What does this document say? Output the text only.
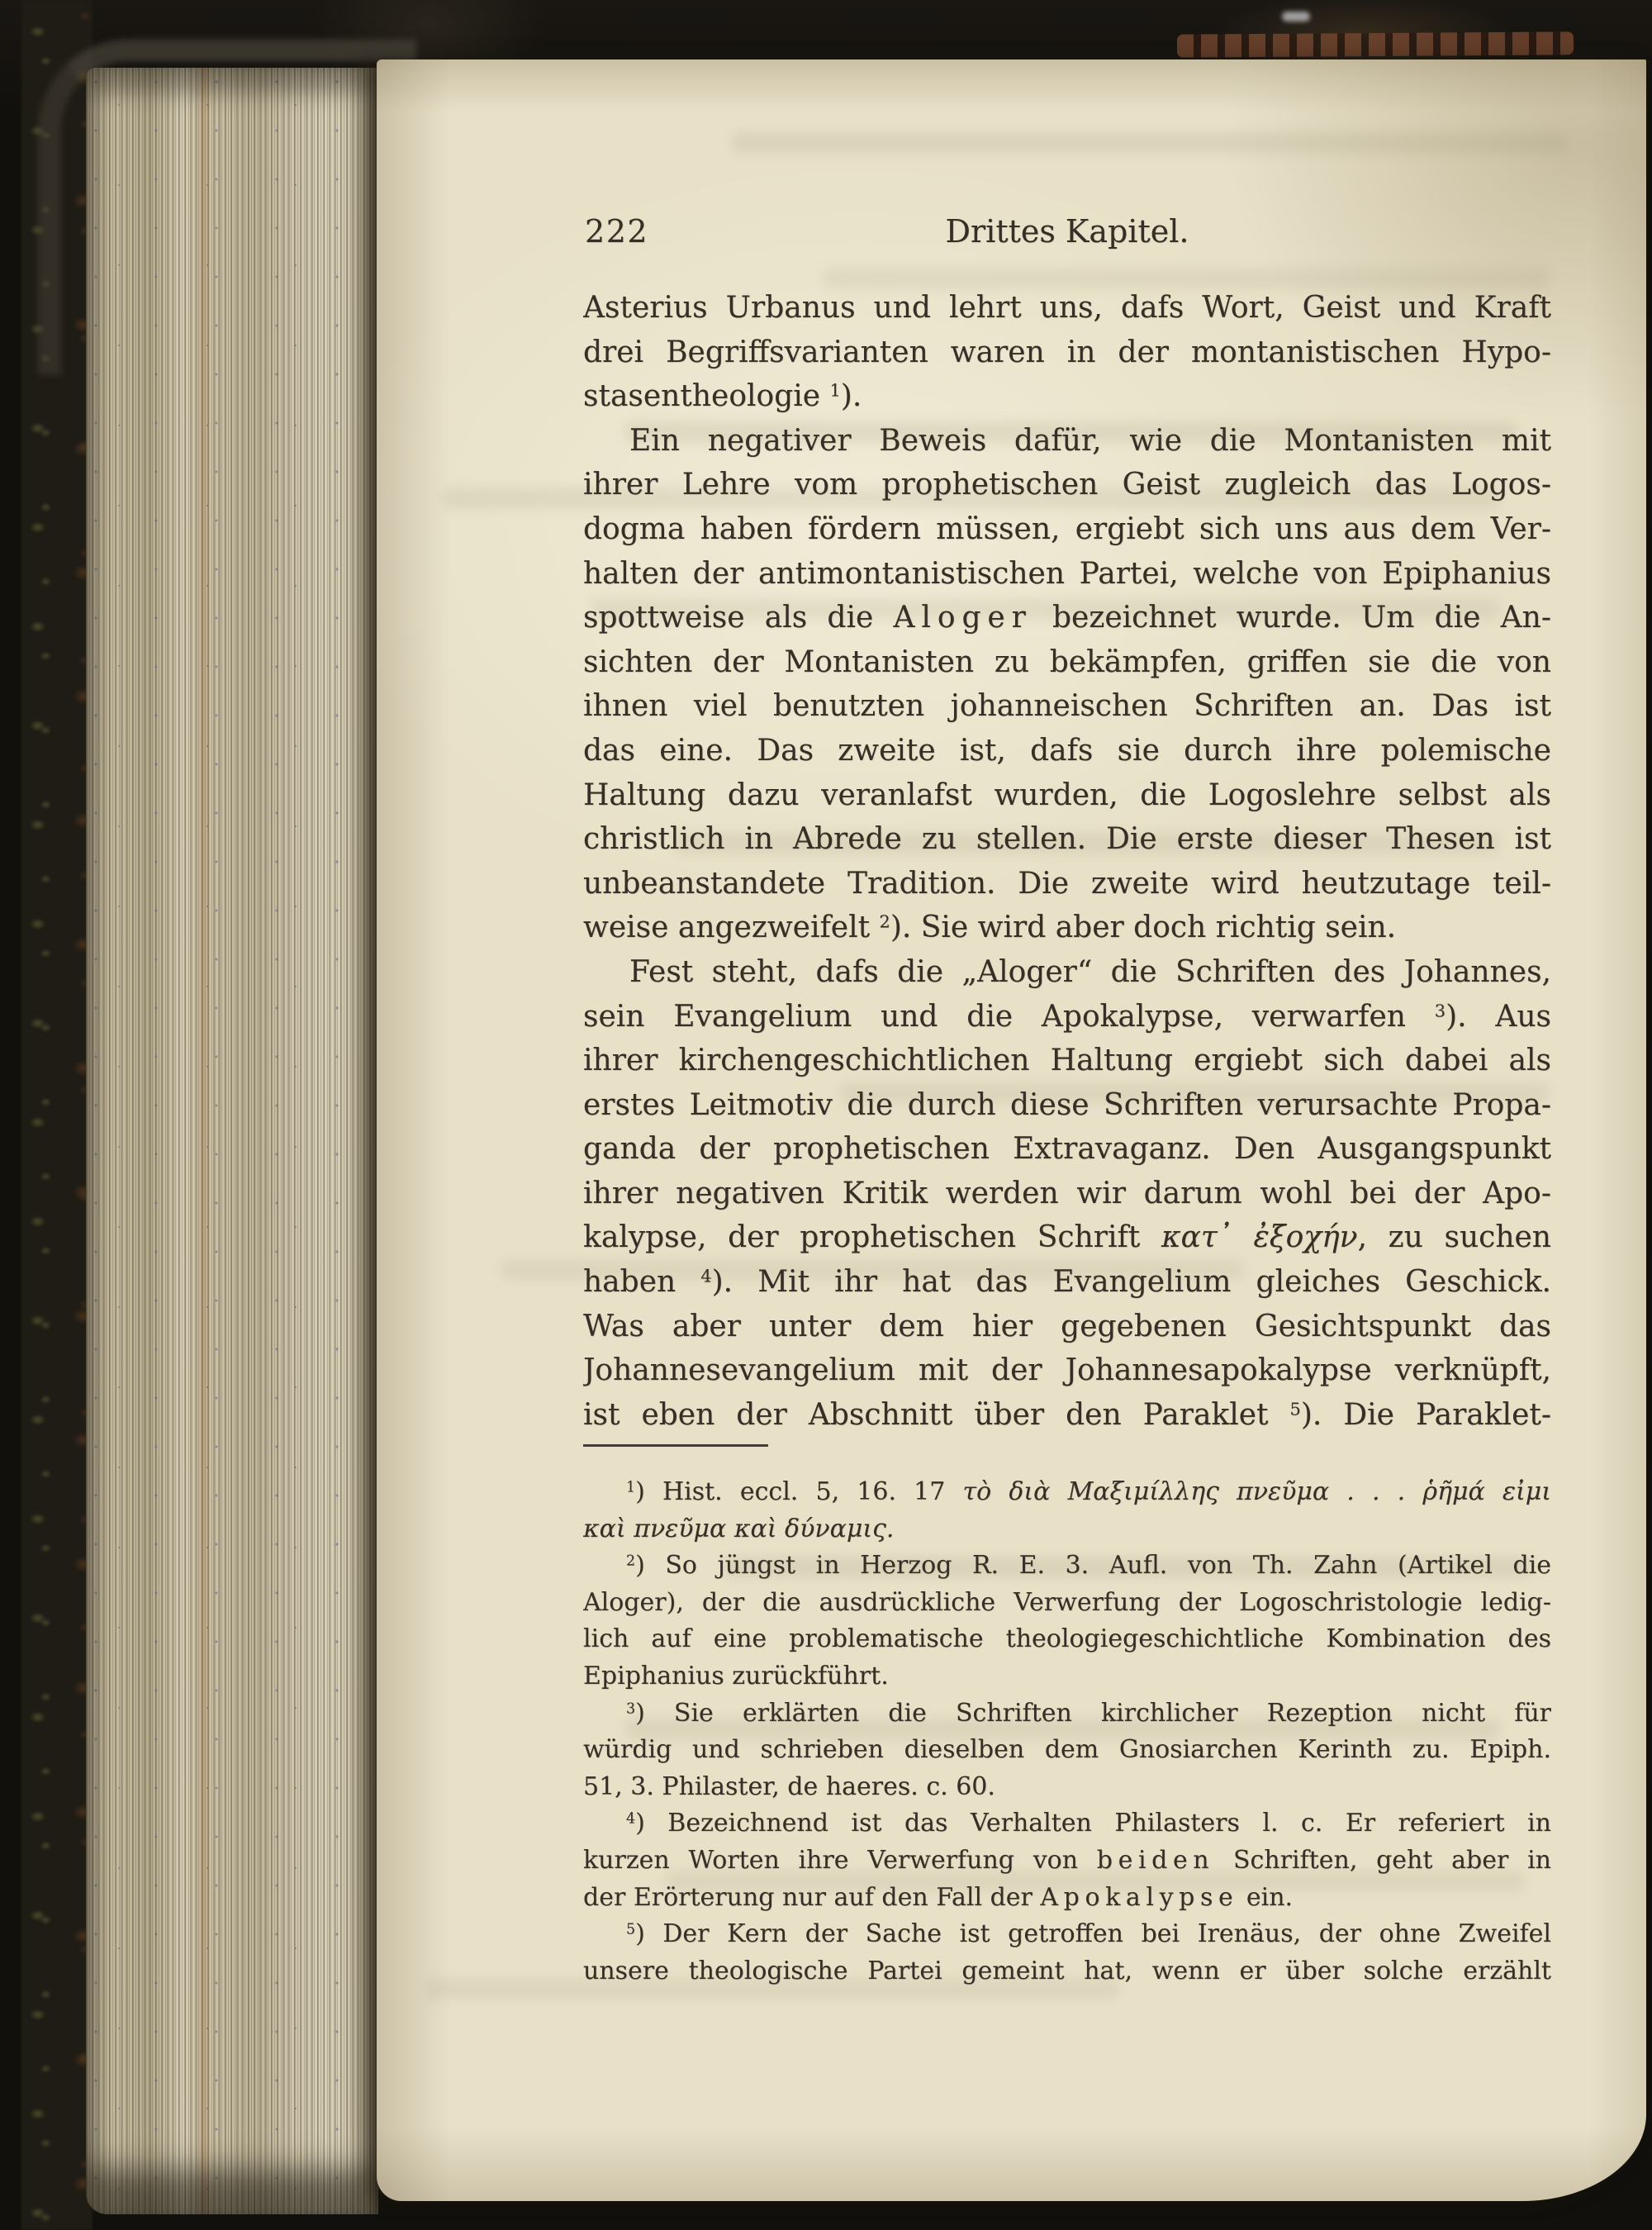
222	Drittes Kapitel.
Asterius Urbanus und lehrt uns, dafs Wort, Geist und Kraft
drei Begriffsvarianten waren in der montanistischen Hypo-
stasentheologie $^1$).
Ein negativer Beweis dafür, wie die Montanisten mit
ihrer Lehre vom prophetischen Geist zugleich das Logos-
dogma haben fördern müssen, ergiebt sich uns aus dem Ver-
halten der antimontanistischen Partei, welche von Epiphanius
spottweise als die Aloger bezeichnet wurde. Um die An-
sichten der Montanisten zu bekämpfen, griffen sie die von
ihnen viel benutzten johanneischen Schriften an. Das ist
das eine. Das zweite ist, dafs sie durch ihre polemische
Haltung dazu veranlafst wurden, die Logoslehre selbst als
christlich in Abrede zu stellen. Die erste dieser Thesen ist
unbeanstandete Tradition. Die zweite wird heutzutage teil-
weise angezweifelt $^2$). Sie wird aber doch richtig sein.
Fest steht, dafs die „Aloger“ die Schriften des Johannes,
sein Evangelium und die Apokalypse, verwarfen $^3$). Aus
ihrer kirchengeschichtlichen Haltung ergiebt sich dabei als
erstes Leitmotiv die durch diese Schriften verursachte Propa-
ganda der prophetischen Extravaganz. Den Ausgangspunkt
ihrer negativen Kritik werden wir darum wohl bei der Apo-
kalypse, der prophetischen Schrift κατ᾽ ἐξοχήν, zu suchen
haben $^4$). Mit ihr hat das Evangelium gleiches Geschick.
Was aber unter dem hier gegebenen Gesichtspunkt das
Johannesevangelium mit der Johannesapokalypse verknüpft,
ist eben der Abschnitt über den Paraklet $^5$). Die Paraklet-
$^1$) Hist. eccl. 5, 16. 17 τὸ διὰ Μαξιμίλλης πνεῦμα . . . ῥῆμά εἰμι
καὶ πνεῦμα καὶ δύναμις.
$^2$) So jüngst in Herzog R. E. 3. Aufl. von Th. Zahn (Artikel die
Aloger), der die ausdrückliche Verwerfung der Logoschristologie ledig-
lich auf eine problematische theologiegeschichtliche Kombination des
Epiphanius zurückführt.
$^3$) Sie erklärten die Schriften kirchlicher Rezeption nicht für
würdig und schrieben dieselben dem Gnosiarchen Kerinth zu. Epiph.
51, 3. Philaster, de haeres. c. 60.
$^4$) Bezeichnend ist das Verhalten Philasters l. c. Er referiert in
kurzen Worten ihre Verwerfung von beiden Schriften, geht aber in
der Erörterung nur auf den Fall der Apokalypse ein.
$^5$) Der Kern der Sache ist getroffen bei Irenäus, der ohne Zweifel
unsere theologische Partei gemeint hat, wenn er über solche erzählt
